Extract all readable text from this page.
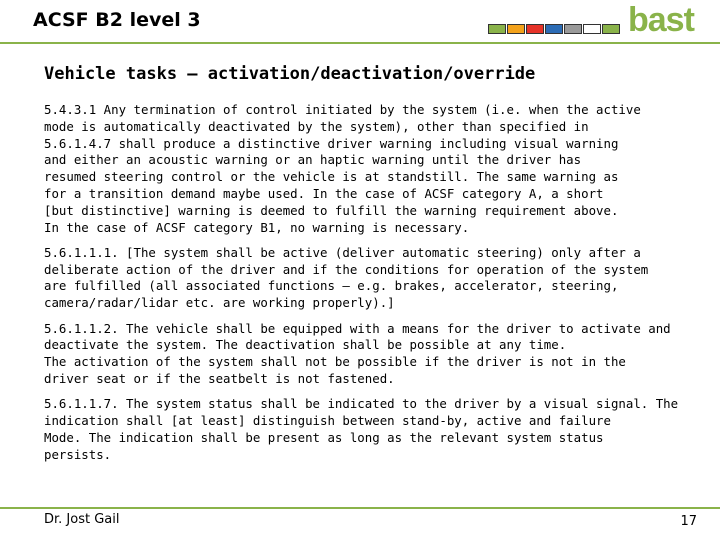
ACSF B2 level 3	bast
Vehicle tasks – activation/deactivation/override
5.4.3.1 Any termination of control initiated by the system (i.e. when the active
mode is automatically deactivated by the system), other than specified in
5.6.1.4.7 shall produce a distinctive driver warning including visual warning
and either an acoustic warning or an haptic warning until the driver has
resumed steering control or the vehicle is at standstill. The same warning as
for a transition demand maybe used. In the case of ACSF category A, a short
[but distinctive] warning is deemed to fulfill the warning requirement above.
In the case of ACSF category B1, no warning is necessary.
5.6.1.1.1. [The system shall be active (deliver automatic steering) only after a
deliberate action of the driver and if the conditions for operation of the system
are fulfilled (all associated functions – e.g. brakes, accelerator, steering,
camera/radar/lidar etc. are working properly).]
5.6.1.1.2. The vehicle shall be equipped with a means for the driver to activate and
deactivate the system. The deactivation shall be possible at any time.
The activation of the system shall not be possible if the driver is not in the
driver seat or if the seatbelt is not fastened.
5.6.1.1.7. The system status shall be indicated to the driver by a visual signal. The
indication shall [at least] distinguish between stand-by, active and failure
Mode. The indication shall be present as long as the relevant system status
persists.
Dr. Jost Gail	17
